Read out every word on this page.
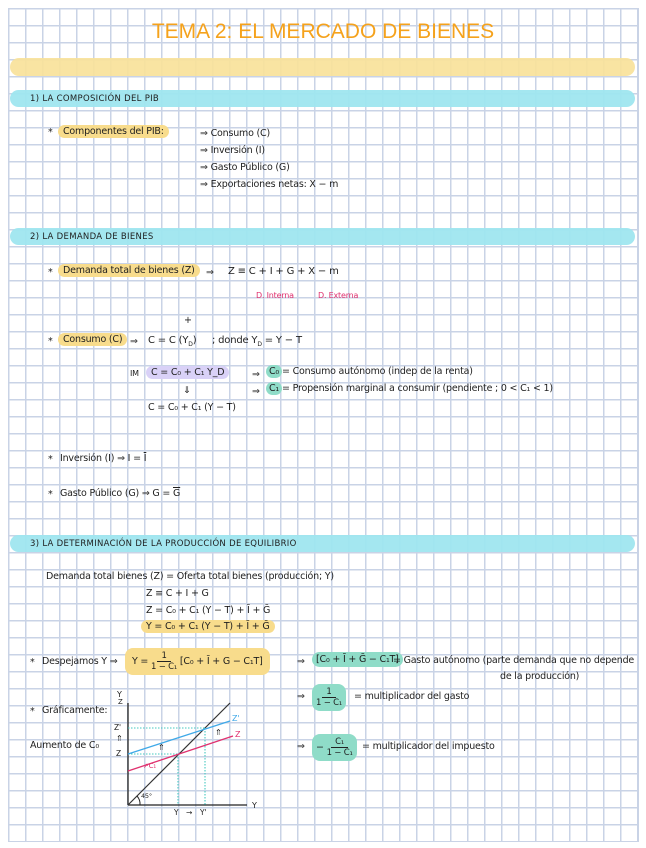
TEMA 2: EL MERCADO DE BIENES
1) LA COMPOSICIÓN DEL PIB
*	Componentes del PIB:	⇒ Consumo (C)
⇒ Inversión (I)
⇒ Gasto Público (G)
⇒ Exportaciones netas: X − m
2) LA DEMANDA DE BIENES
*	Demanda total de bienes (Z)	⇒ Z ≡ C + I + G + X − m
D. Interna	D. Externa
+
*	Consumo (C) ⇒ C = C $(Y_D)$ ; donde $Y_D = Y - T$
IM	C = C₀ + C₁ Y_D
⇓
C = C₀ + C₁ (Y − T)
⇒ C₀ = Consumo autónomo (indep de la renta)
⇒ C₁ = Propensión marginal a consumir (pendiente ; 0 < C₁ < 1)
* Inversión (I) ⇒ $I = \overline{I}$
* Gasto Público (G) ⇒ $G = \overline{G}$
3) LA DETERMINACIÓN DE LA PRODUCCIÓN DE EQUILIBRIO
Demanda total bienes (Z) = Oferta total bienes (producción; Y)
Z ≡ C + I + G
Z = C₀ + C₁ (Y − T) + Ī + Ḡ
Y = C₀ + C₁ (Y − T) + Ī + Ḡ
* Despejamos Y ⇒	$Y = \frac{1}{\text{1 − C₁}} [C_0$ + Ī + G − C₁T]	⇒	[C₀ + Ī + Ḡ − C₁T]
= Gasto autónomo (parte demanda que no depende
de la producción)
⇒ $\frac{1}{\text{1 − C₁}}$ = multiplicador del gasto
⇒	− $\frac{\text{C₁}}{\text{1 − C₁}}$ = multiplicador del impuesto
* Gráficamente:
Aumento de C₀
Y
Z
Y
Z'
⇑
Z
⇑
⇑
45°
↗C₁
Y → Y'
Z'
Z
